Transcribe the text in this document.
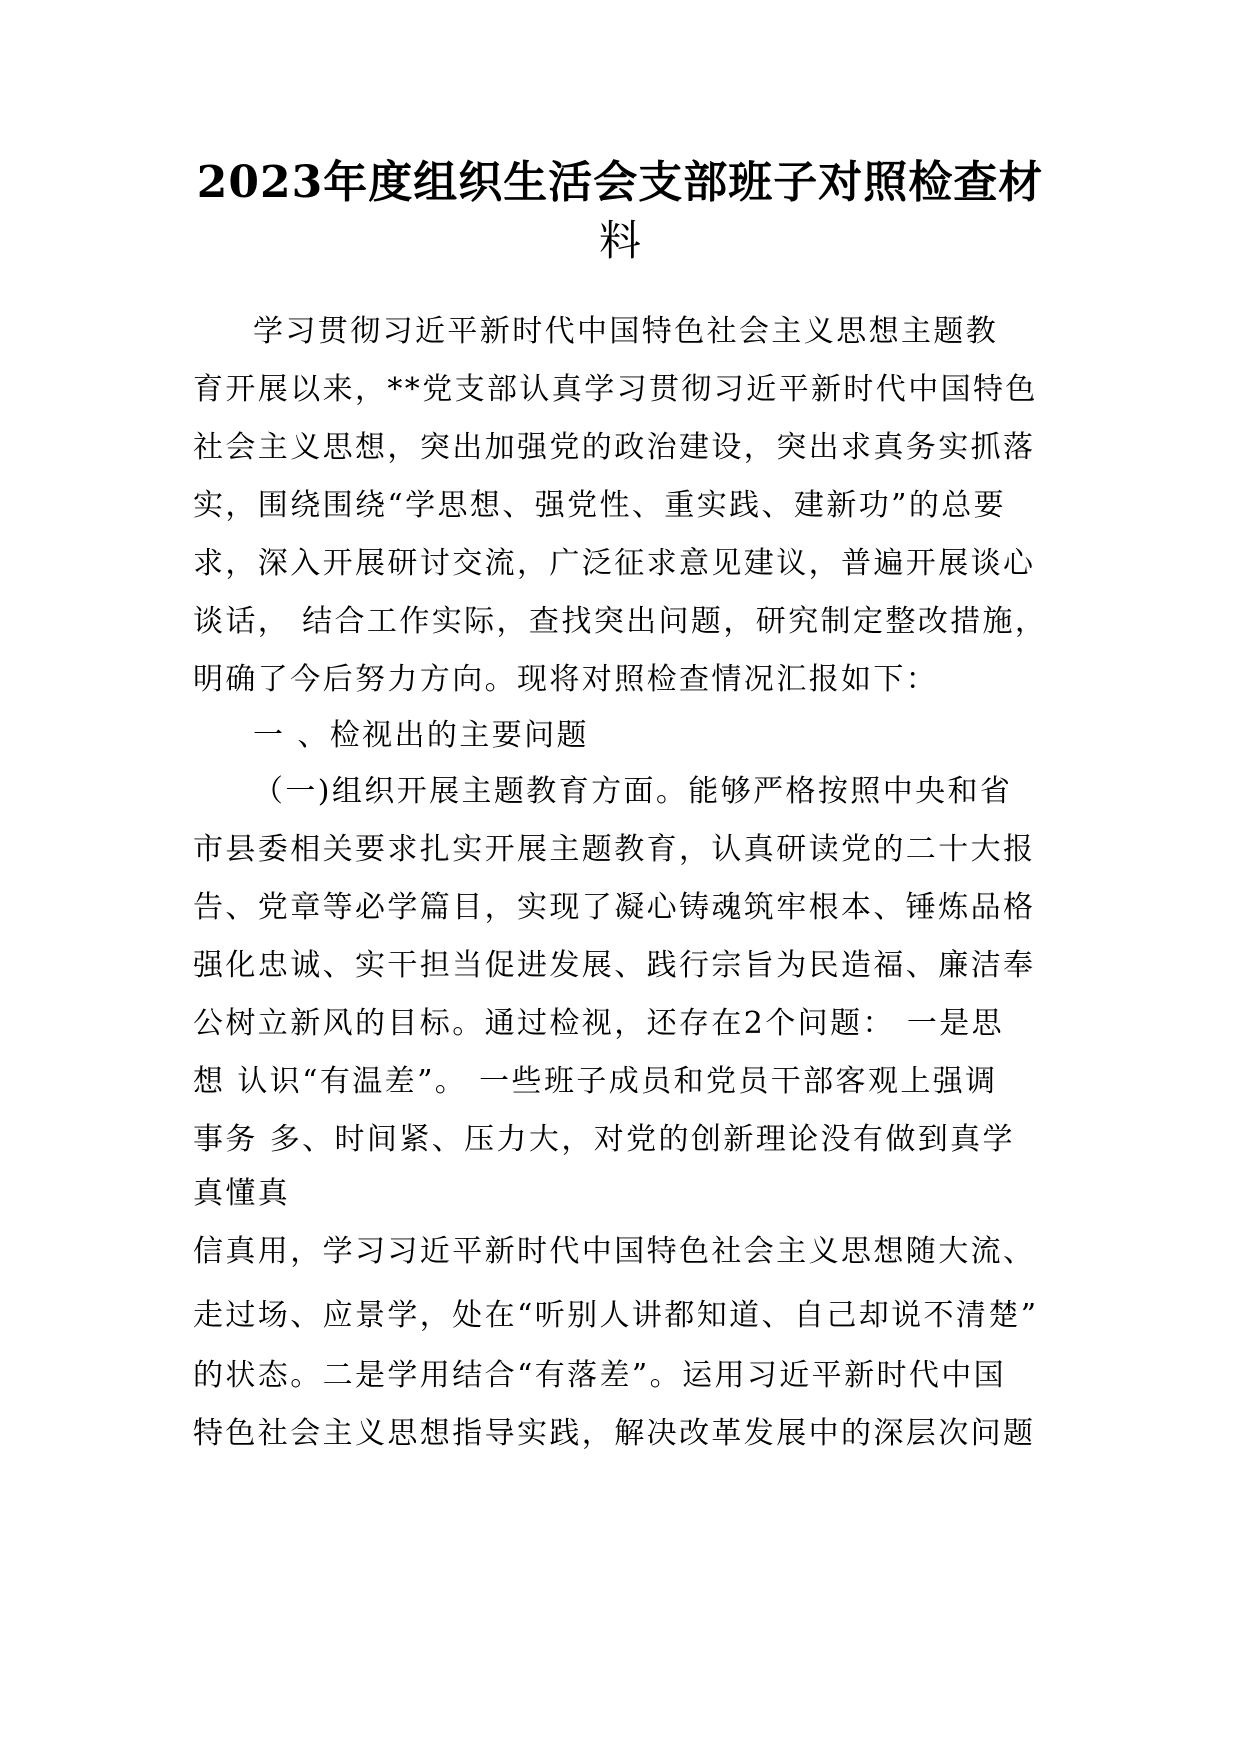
2023年度组织生活会支部班子对照检查材
料
学习贯彻习近平新时代中国特色社会主义思想主题教
育开展以来，**党支部认真学习贯彻习近平新时代中国特色
社会主义思想，突出加强党的政治建设，突出求真务实抓落
实，围绕围绕“学思想、强党性、重实践、建新功”的总要
求，深入开展研讨交流，广泛征求意见建议，普遍开展谈心
谈话， 结合工作实际，查找突出问题，研究制定整改措施，
明确了今后努力方向。现将对照检查情况汇报如下：
一 、检视出的主要问题
（一)组织开展主题教育方面。能够严格按照中央和省
市县委相关要求扎实开展主题教育，认真研读党的二十大报
告、党章等必学篇目，实现了凝心铸魂筑牢根本、锤炼品格
强化忠诚、实干担当促进发展、践行宗旨为民造福、廉洁奉
公树立新风的目标。通过检视，还存在2个问题： 一是思
想 认识“有温差”。 一些班子成员和党员干部客观上强调
事务 多、时间紧、压力大，对党的创新理论没有做到真学
真懂真
信真用，学习习近平新时代中国特色社会主义思想随大流、
走过场、应景学，处在“听别人讲都知道、自己却说不清楚”
的状态。二是学用结合“有落差”。运用习近平新时代中国
特色社会主义思想指导实践，解决改革发展中的深层次问题
